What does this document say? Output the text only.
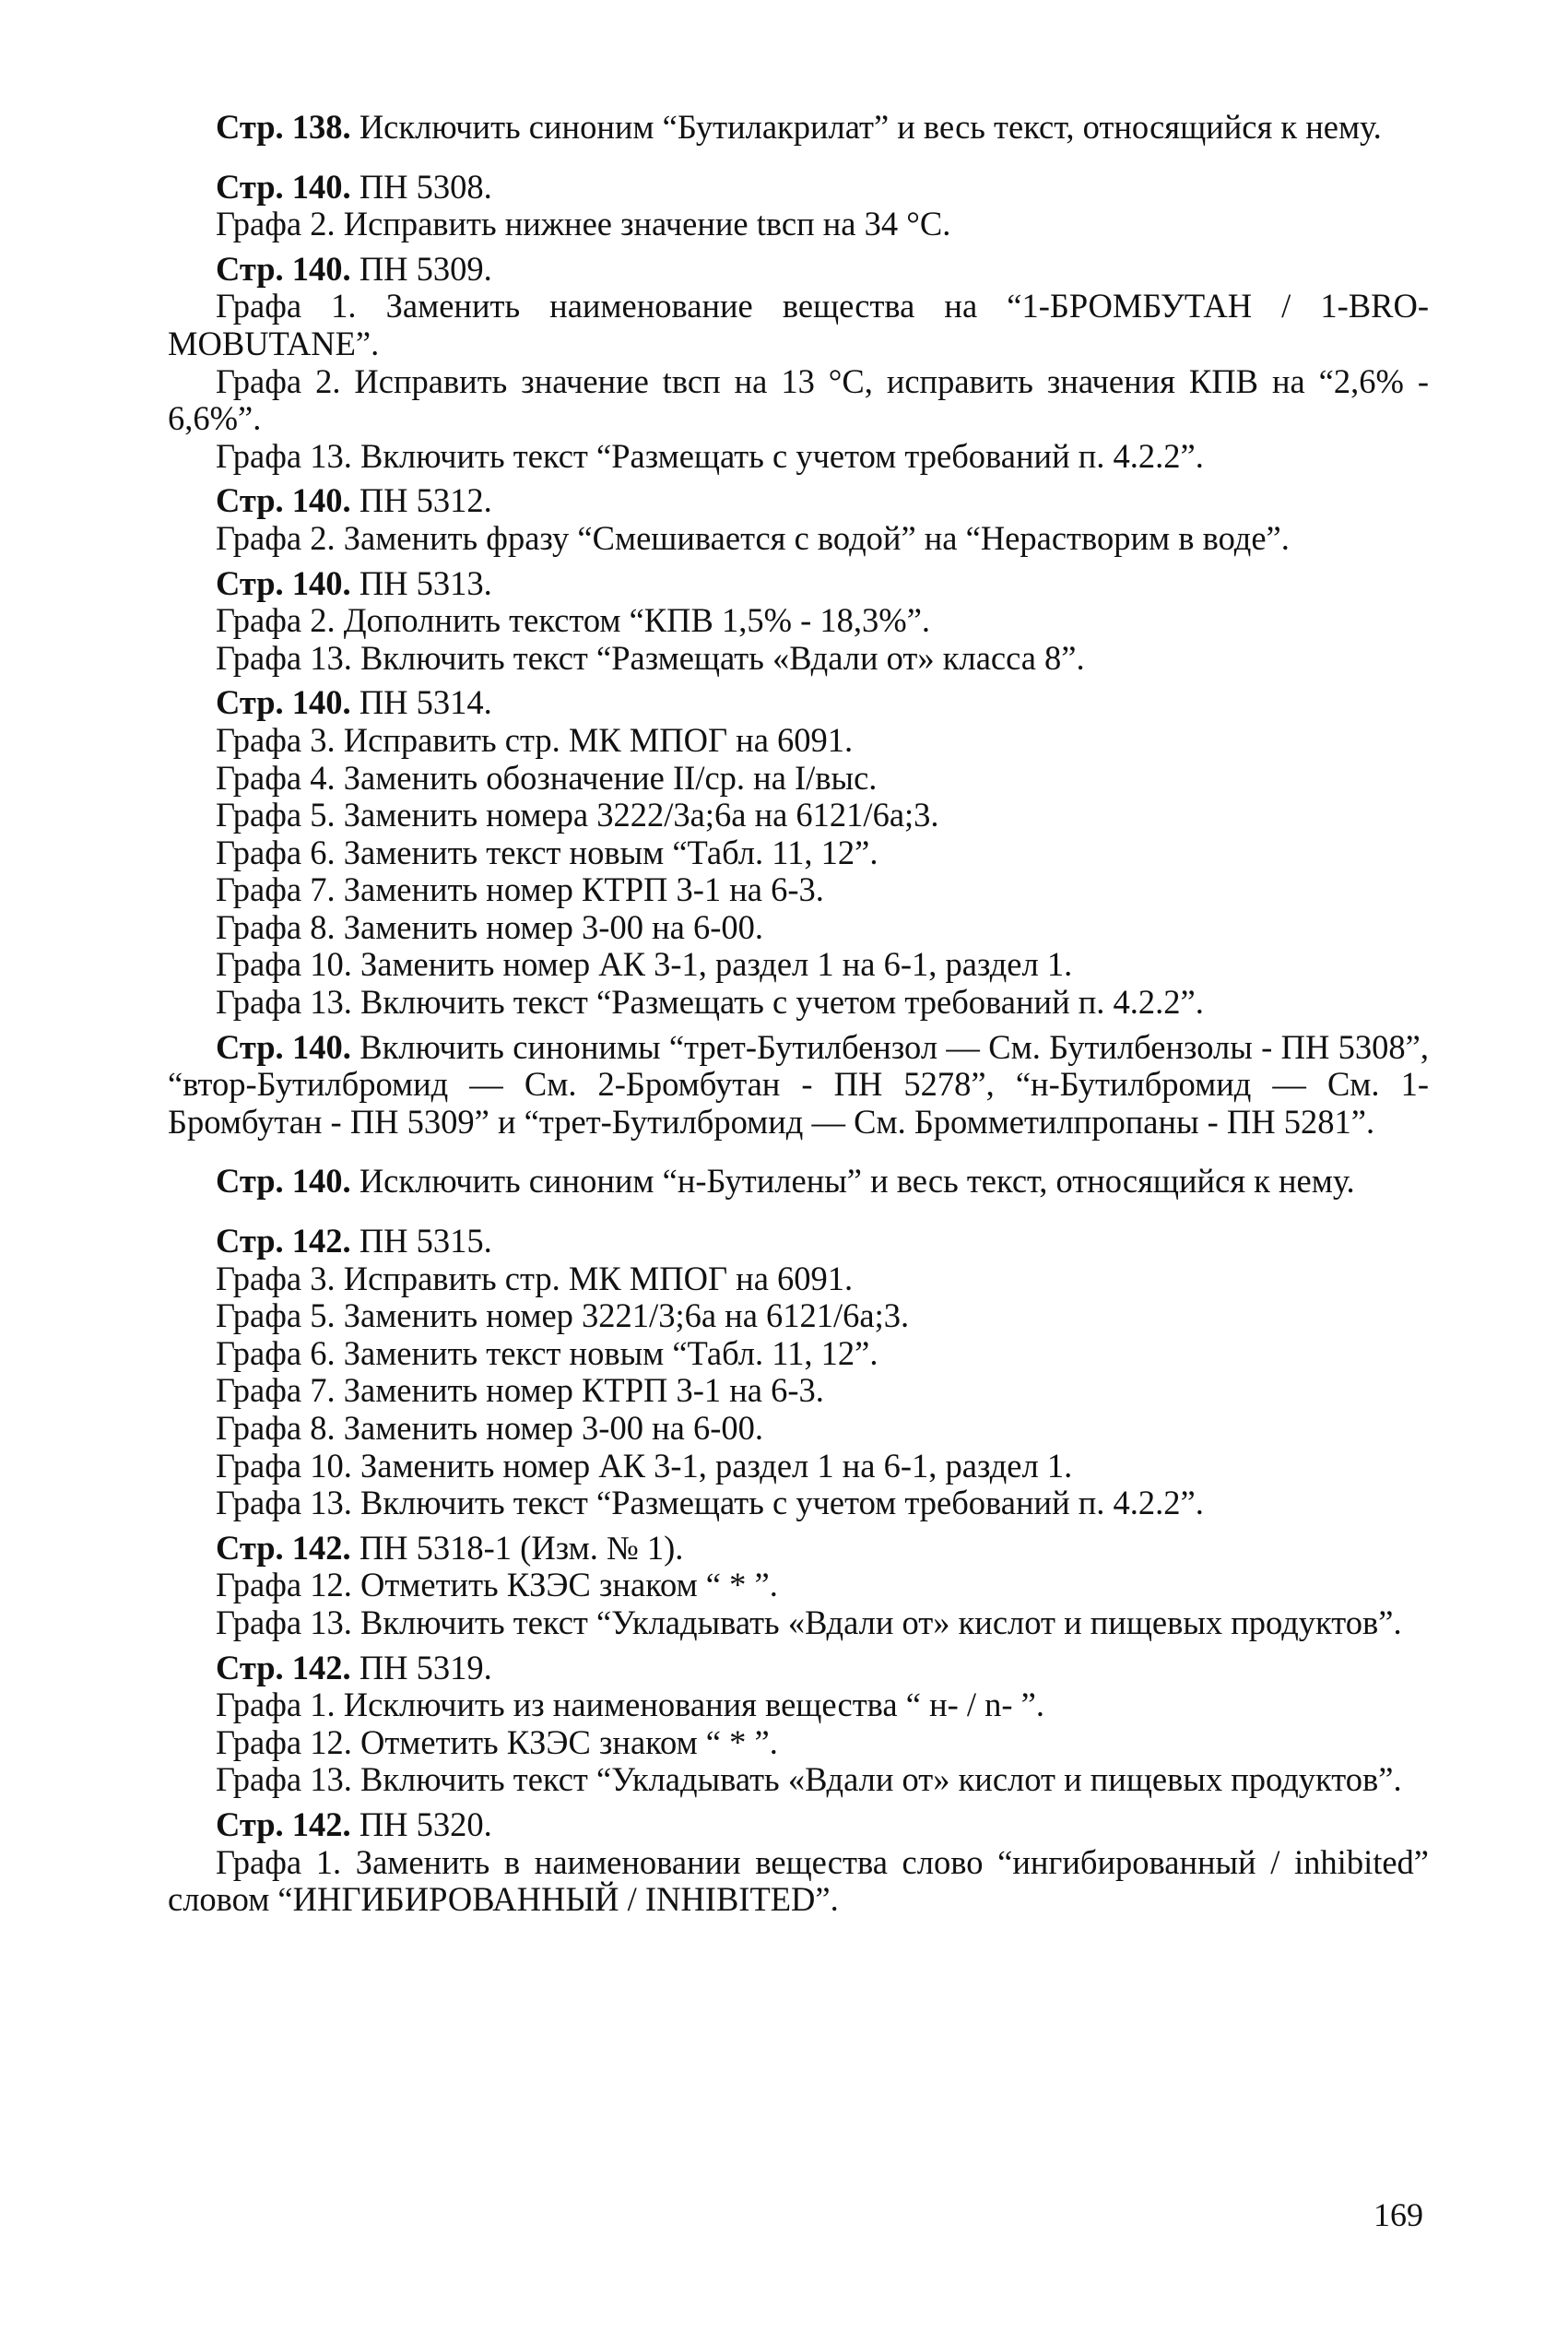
Стр. 138. Исключить синоним “Бутилакрилат” и весь текст, относящийся к нему.

Стр. 140. ПН 5308.

Графа 2. Исправить нижнее значение tвсп на 34 °С.

Стр. 140. ПН 5309.

Графа 1. Заменить наименование вещества на “1-БРОМБУТАН / 1-BROMOBUTANE”.

Графа 2. Исправить значение tвсп на 13 °С, исправить значения КПВ на “2,6% - 6,6%”.

Графа 13. Включить текст “Размещать с учетом требований п. 4.2.2”.

Стр. 140. ПН 5312.

Графа 2. Заменить фразу “Смешивается с водой” на “Нерастворим в воде”.

Стр. 140. ПН 5313.

Графа 2. Дополнить текстом “КПВ 1,5% - 18,3%”.

Графа 13. Включить текст “Размещать «Вдали от» класса 8”.

Стр. 140. ПН 5314.

Графа 3. Исправить стр. МК МПОГ на 6091.

Графа 4. Заменить обозначение II/ср. на I/выс.

Графа 5. Заменить номера 3222/3а;6а на 6121/6а;3.

Графа 6. Заменить текст новым “Табл. 11, 12”.

Графа 7. Заменить номер КТРП 3-1 на 6-3.

Графа 8. Заменить номер 3-00 на 6-00.

Графа 10. Заменить номер АК 3-1, раздел 1 на 6-1, раздел 1.

Графа 13. Включить текст “Размещать с учетом требований п. 4.2.2”.

Стр. 140. Включить синонимы “трет-Бутилбензол — См. Бутилбензолы - ПН 5308”, “втор-Бутилбромид — См. 2-Бромбутан - ПН 5278”, “н-Бутилбромид — См. 1-Бромбутан - ПН 5309” и “трет-Бутилбромид — См. Бромметилпропаны - ПН 5281”.

Стр. 140. Исключить синоним “н-Бутилены” и весь текст, относящийся к нему.

Стр. 142. ПН 5315.

Графа 3. Исправить стр. МК МПОГ на 6091.

Графа 5. Заменить номер 3221/3;6а на 6121/6а;3.

Графа 6. Заменить текст новым “Табл. 11, 12”.

Графа 7. Заменить номер КТРП 3-1 на 6-3.

Графа 8. Заменить номер 3-00 на 6-00.

Графа 10. Заменить номер АК 3-1, раздел 1 на 6-1, раздел 1.

Графа 13. Включить текст “Размещать с учетом требований п. 4.2.2”.

Стр. 142. ПН 5318-1 (Изм. № 1).

Графа 12. Отметить КЗЭС знаком “ * ”.

Графа 13. Включить текст “Укладывать «Вдали от» кислот и пищевых продуктов”.

Стр. 142. ПН 5319.

Графа 1. Исключить из наименования вещества “ н- / n- ”.

Графа 12. Отметить КЗЭС знаком “ * ”.

Графа 13. Включить текст “Укладывать «Вдали от» кислот и пищевых продуктов”.

Стр. 142. ПН 5320.

Графа 1. Заменить в наименовании вещества слово “ингибированный / inhibited” словом “ИНГИБИРОВАННЫЙ / INHIBITED”.

169
